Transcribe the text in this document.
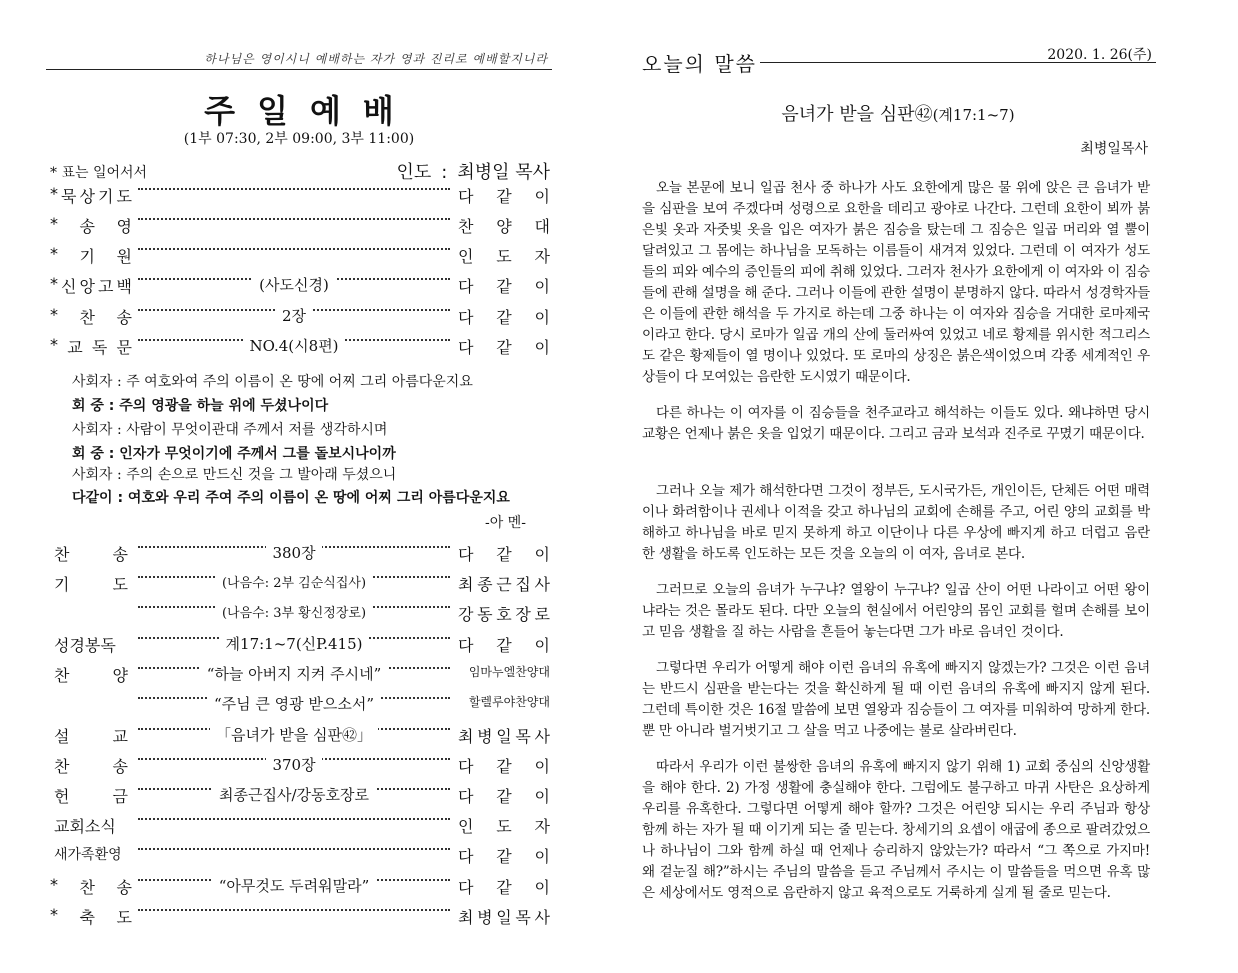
하나님은 영이시니 예배하는 자가 영과 진리로 예배할지니라
주일예배
(1부 07:30, 2부 09:00, 3부 11:00)
* 표는 일어서서	인도 : 최병일 목사
* 묵 상 기 도	다 같 이
* 송 영	찬 양 대
* 기 원	인 도 자
* 신 앙 고 백	(사도신경)	다 같 이
* 찬 송	2장	다 같 이
* 교 독 문	NO.4(시8편)	다 같 이
사회자 : 주 여호와여 주의 이름이 온 땅에 어찌 그리 아름다운지요
회 중 : 주의 영광을 하늘 위에 두셨나이다
사회자 : 사람이 무엇이관대 주께서 저를 생각하시며
회 중 : 인자가 무엇이기에 주께서 그를 돌보시나이까
사회자 : 주의 손으로 만드신 것을 그 발아래 두셨으니
다같이 : 여호와 우리 주여 주의 이름이 온 땅에 어찌 그리 아름다운지요
-아 멘-
찬	송	380장	다 같 이
기	도	(나음수: 2부 김순식집사)	최 종 근 집 사
(나음수: 3부 황신정장로)	강 동 호 장 로
성경봉독	계17:1~7(신P.415)	다 같 이
찬	양	“하늘 아버지 지켜 주시네”	임마누엘찬양대
“주님 큰 영광 받으소서”	할렐루야찬양대
설	교	「음녀가 받을 심판㊷」	최 병 일 목 사
찬	송	370장	다 같 이
헌	금	최종근집사/강동호장로	다 같 이
교회소식	인 도 자
새가족환영	다 같 이
* 찬 송	“아무것도 두려워말라”	다 같 이
* 축 도	최 병 일 목 사
오늘의 말씀	2020. 1. 26(주)
음녀가 받을 심판㊷(계17:1~7)
최병일목사
오늘 본문에 보니 일곱 천사 중 하나가 사도 요한에게 많은 물 위에 앉은 큰 음녀가 받을 심판을 보여 주겠다며 성령으로 요한을 데리고 광야로 나간다. 그런데 요한이 뵈까 붉은빛 옷과 자줏빛 옷을 입은 여자가 붉은 짐승을 탔는데 그 짐승은 일곱 머리와 열 뿔이 달려있고 그 몸에는 하나님을 모독하는 이름들이 새겨져 있었다. 그런데 이 여자가 성도들의 피와 예수의 증인들의 피에 취해 있었다. 그러자 천사가 요한에게 이 여자와 이 짐승들에 관해 설명을 해 준다. 그러나 이들에 관한 설명이 분명하지 않다. 따라서 성경학자들은 이들에 관한 해석을 두 가지로 하는데 그중 하나는 이 여자와 짐승을 거대한 로마제국이라고 한다. 당시 로마가 일곱 개의 산에 둘러싸여 있었고 네로 황제를 위시한 적그리스도 같은 황제들이 열 명이나 있었다. 또 로마의 상징은 붉은색이었으며 각종 세계적인 우상들이 다 모여있는 음란한 도시였기 때문이다.
다른 하나는 이 여자를 이 짐승들을 천주교라고 해석하는 이들도 있다. 왜냐하면 당시 교황은 언제나 붉은 옷을 입었기 때문이다. 그리고 금과 보석과 진주로 꾸몄기 때문이다.
그러나 오늘 제가 해석한다면 그것이 정부든, 도시국가든, 개인이든, 단체든 어떤 매력이나 화려함이나 권세나 이적을 갖고 하나님의 교회에 손해를 주고, 어린 양의 교회를 박해하고 하나님을 바로 믿지 못하게 하고 이단이나 다른 우상에 빠지게 하고 더럽고 음란한 생활을 하도록 인도하는 모든 것을 오늘의 이 여자, 음녀로 본다.
그러므로 오늘의 음녀가 누구냐? 열왕이 누구냐? 일곱 산이 어떤 나라이고 어떤 왕이냐라는 것은 몰라도 된다. 다만 오늘의 현실에서 어린양의 몸인 교회를 헐며 손해를 보이고 믿음 생활을 질 하는 사람을 흔들어 놓는다면 그가 바로 음녀인 것이다.
그렇다면 우리가 어떻게 해야 이런 음녀의 유혹에 빠지지 않겠는가? 그것은 이런 음녀는 반드시 심판을 받는다는 것을 확신하게 될 때 이런 음녀의 유혹에 빠지지 않게 된다. 그런데 특이한 것은 16절 말씀에 보면 열왕과 짐승들이 그 여자를 미워하여 망하게 한다. 뿐 만 아니라 벌거벗기고 그 살을 먹고 나중에는 불로 살라버린다.
따라서 우리가 이런 불쌍한 음녀의 유혹에 빠지지 않기 위해 1) 교회 중심의 신앙생활을 해야 한다. 2) 가정 생활에 충실해야 한다. 그럼에도 불구하고 마귀 사탄은 요상하게 우리를 유혹한다. 그렇다면 어떻게 해야 할까? 그것은 어린양 되시는 우리 주님과 항상 함께 하는 자가 될 때 이기게 되는 줄 믿는다. 창세기의 요셉이 애굽에 종으로 팔려갔었으나 하나님이 그와 함께 하실 때 언제나 승리하지 않았는가? 따라서 “그 쪽으로 가지마! 왜 겉눈질 해?”하시는 주님의 말씀을 듣고 주님께서 주시는 이 말씀들을 먹으면 유혹 많은 세상에서도 영적으로 음란하지 않고 육적으로도 거룩하게 실게 될 줄로 믿는다.
